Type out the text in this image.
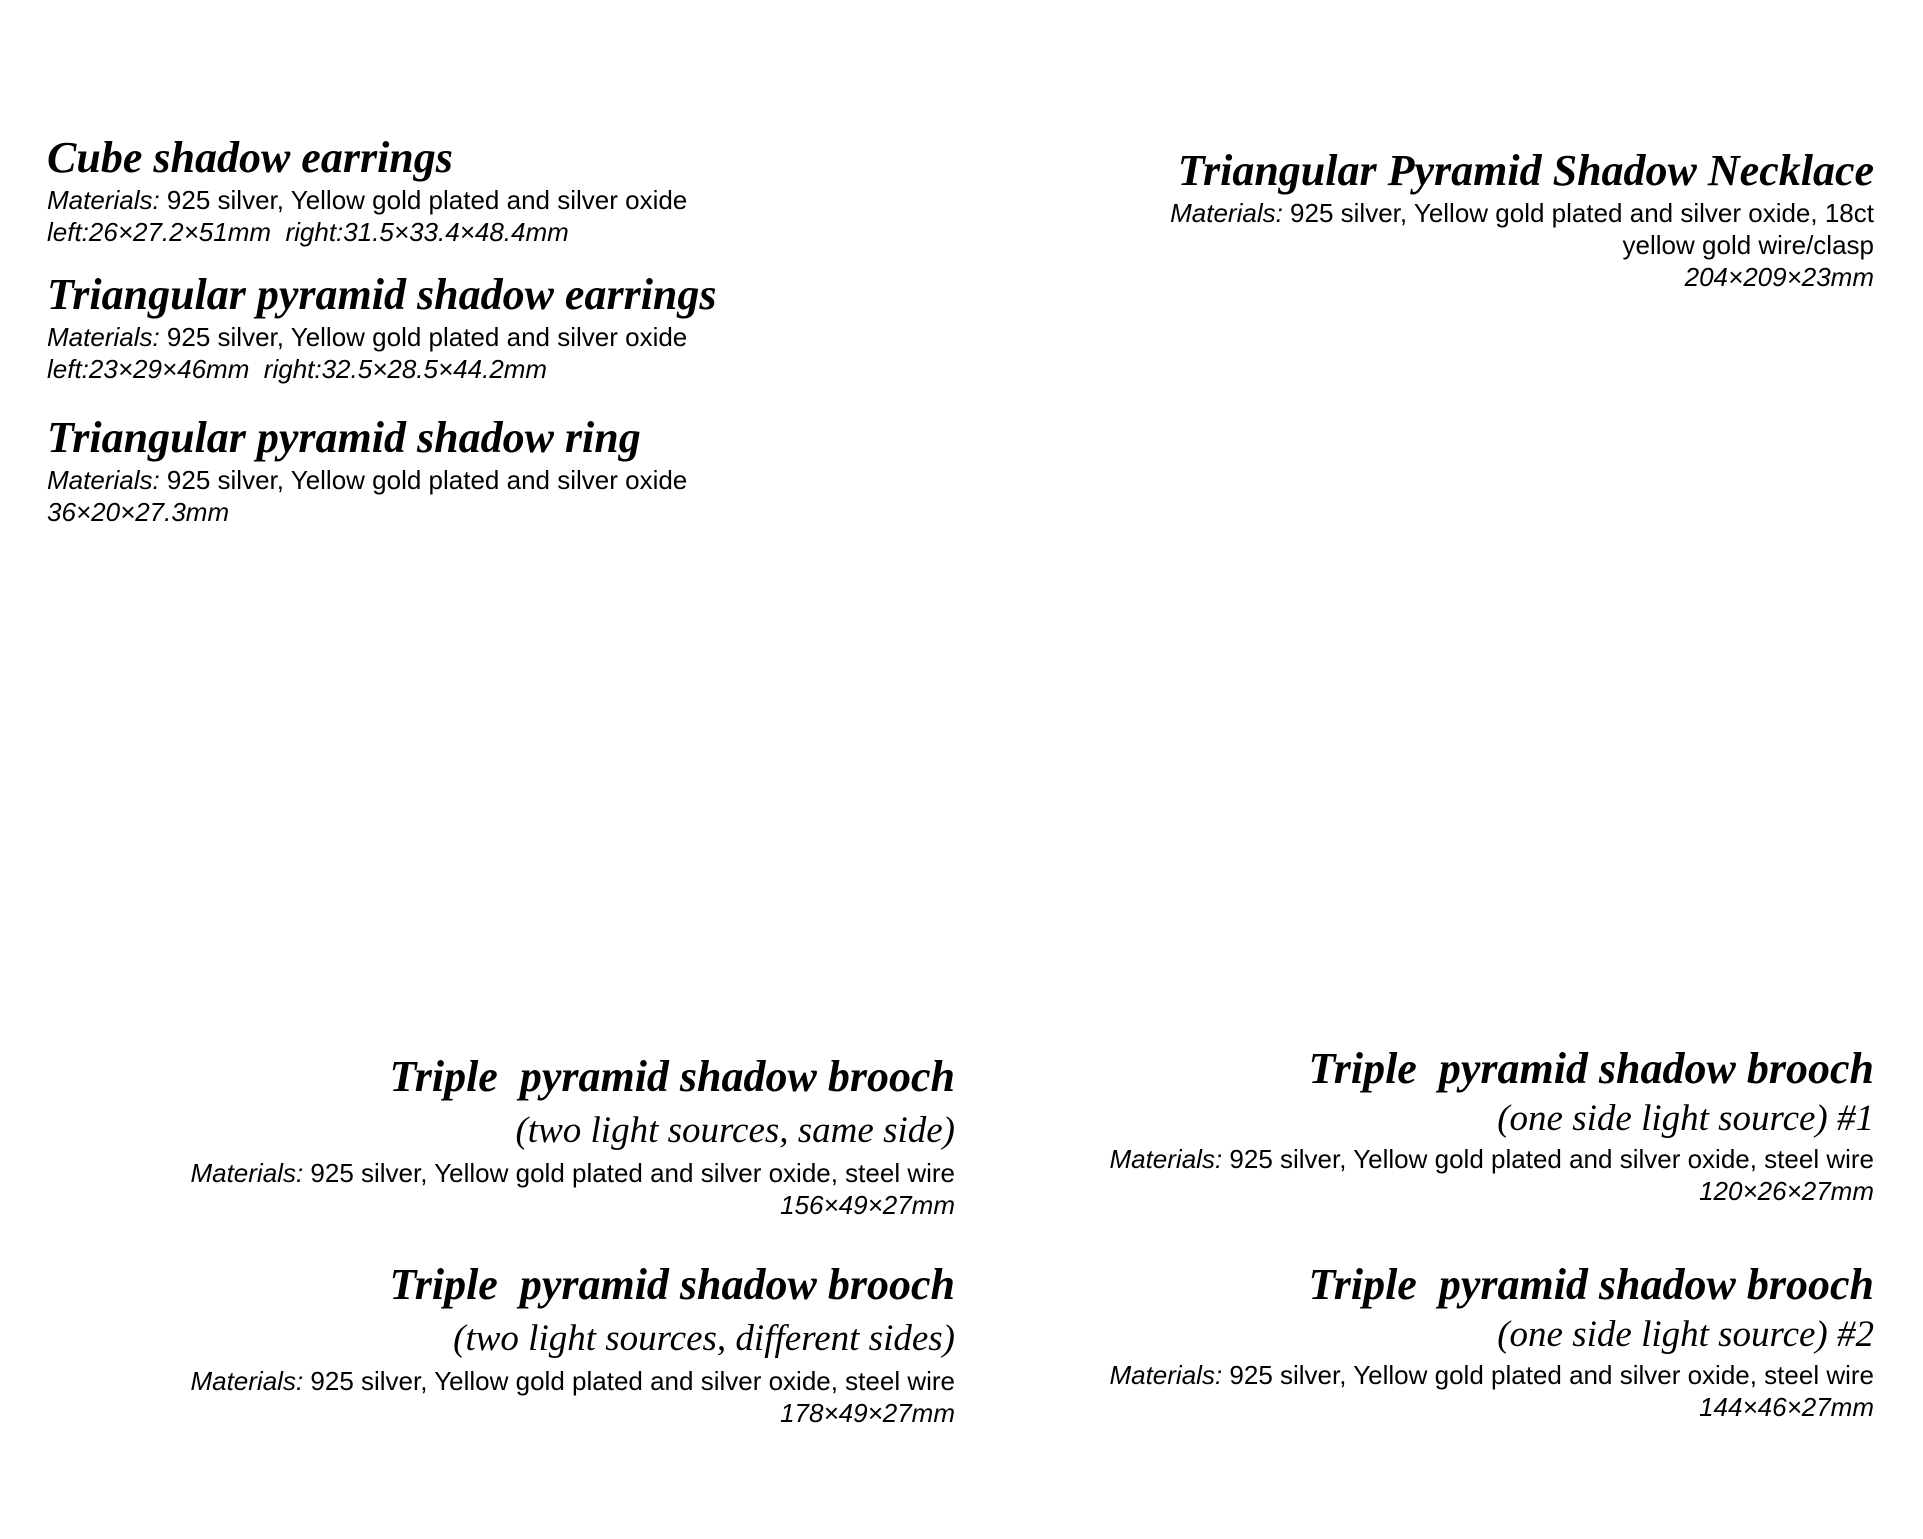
Cube shadow earrings
Materials: 925 silver, Yellow gold plated and silver oxide
left:26×27.2×51mm  right:31.5×33.4×48.4mm
Triangular pyramid shadow earrings
Materials: 925 silver, Yellow gold plated and silver oxide
left:23×29×46mm  right:32.5×28.5×44.2mm
Triangular pyramid shadow ring
Materials: 925 silver, Yellow gold plated and silver oxide
36×20×27.3mm
Triangular Pyramid Shadow Necklace
Materials: 925 silver, Yellow gold plated and silver oxide, 18ct
yellow gold wire/clasp
204×209×23mm
Triple  pyramid shadow brooch
(two light sources, same side)
Materials: 925 silver, Yellow gold plated and silver oxide, steel wire
156×49×27mm
Triple  pyramid shadow brooch
(two light sources, different sides)
Materials: 925 silver, Yellow gold plated and silver oxide, steel wire
178×49×27mm
Triple  pyramid shadow brooch
(one side light source) #1
Materials: 925 silver, Yellow gold plated and silver oxide, steel wire
120×26×27mm
Triple  pyramid shadow brooch
(one side light source) #2
Materials: 925 silver, Yellow gold plated and silver oxide, steel wire
144×46×27mm
